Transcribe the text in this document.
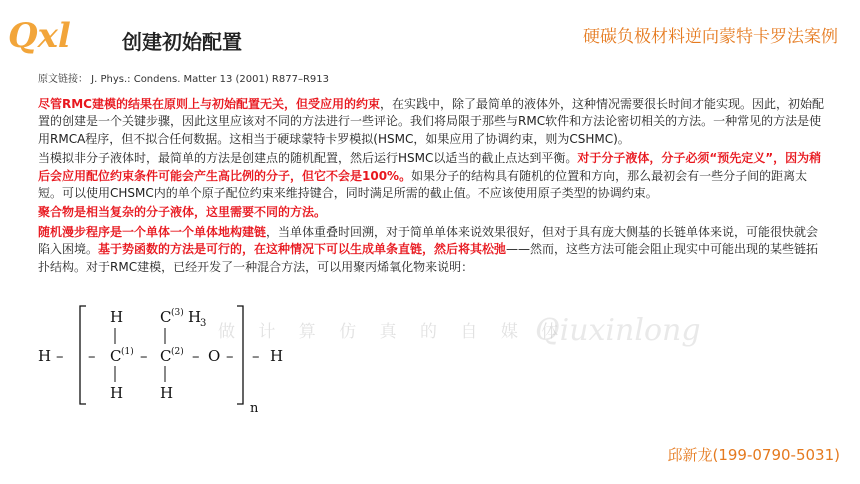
Qxl	创建初始配置	硬碳负极材料逆向蒙特卡罗法案例
原文链接： J. Phys.: Condens. Matter 13 (2001) R877–R913
做 计 算 仿 真 的 自 媒 体
Qiuxinlong

尽管RMC建模的结果在原则上与初始配置无关，但受应用的约束，在实践中，除了最简单的液体外，这种情况需要很长时间才能实现。因此，初始配置的创建是一个关键步骤，因此这里应该对不同的方法进行一些评论。我们将局限于那些与RMC软件和方法论密切相关的方法。一种常见的方法是使用RMCA程序，但不拟合任何数据。这相当于硬球蒙特卡罗模拟(HSMC，如果应用了协调约束，则为CSHMC)。

当模拟非分子液体时，最简单的方法是创建点的随机配置，然后运行HSMC以适当的截止点达到平衡。对于分子液体，分子必须“预先定义”，因为稍后会应用配位约束条件可能会产生高比例的分子，但它不会是100%。如果分子的结构具有随机的位置和方向，那么最初会有一些分子间的距离太短。可以使用CHSMC内的单个原子配位约束来维持键合，同时满足所需的截止值。不应该使用原子类型的协调约束。

聚合物是相当复杂的分子液体，这里需要不同的方法。

随机漫步程序是一个单体一个单体地构建链，当单体重叠时回溯，对于简单单体来说效果很好，但对于具有庞大侧基的长链单体来说，可能很快就会陷入困境。基于势函数的方法是可行的，在这种情况下可以生成单条直链，然后将其松弛——然而，这些方法可能会阻止现实中可能出现的某些链拓扑结构。对于RMC建模，已经开发了一种混合方法，可以用聚丙烯氧化物来说明：

H – –
H
C (1)
H
–
C (3) H
3
C (2)
H
– O –
n
– H
邱新龙(199-0790-5031)
